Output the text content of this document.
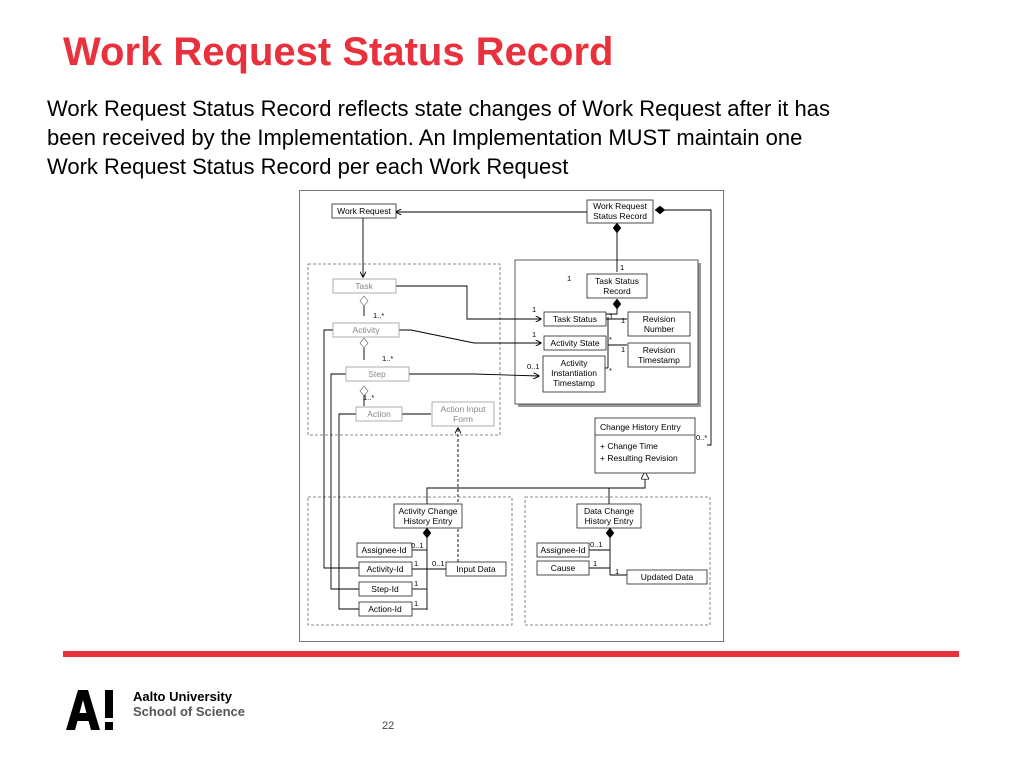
Work Request Status Record

Work Request Status Record reflects state changes of Work Request after it has

been received by the Implementation. An Implementation MUST maintain one

Work Request Status Record per each Work Request

Work Request	Work Request
Status Record
Task Status
Record
Task Status
Activity State
Activity
Instantiation
Timestamp
Revision
Number
Revision
Timestamp
Activity Change
History Entry
Data Change
History Entry
Assignee-Id
Activity-Id
Step-Id
Action-Id
Input Data
Assignee-Id
Cause
Updated Data
Task
Activity
Step
Action	Action Input
Form
Change History Entry
+ Change Time
+ Resulting Revision
1
1
1
1 1
1
*
1
0..1	*
1..*
1..*
1..*
0..*
0..1
1 0..1
1
1
0..1
1
1
Aalto University
School of Science
22
